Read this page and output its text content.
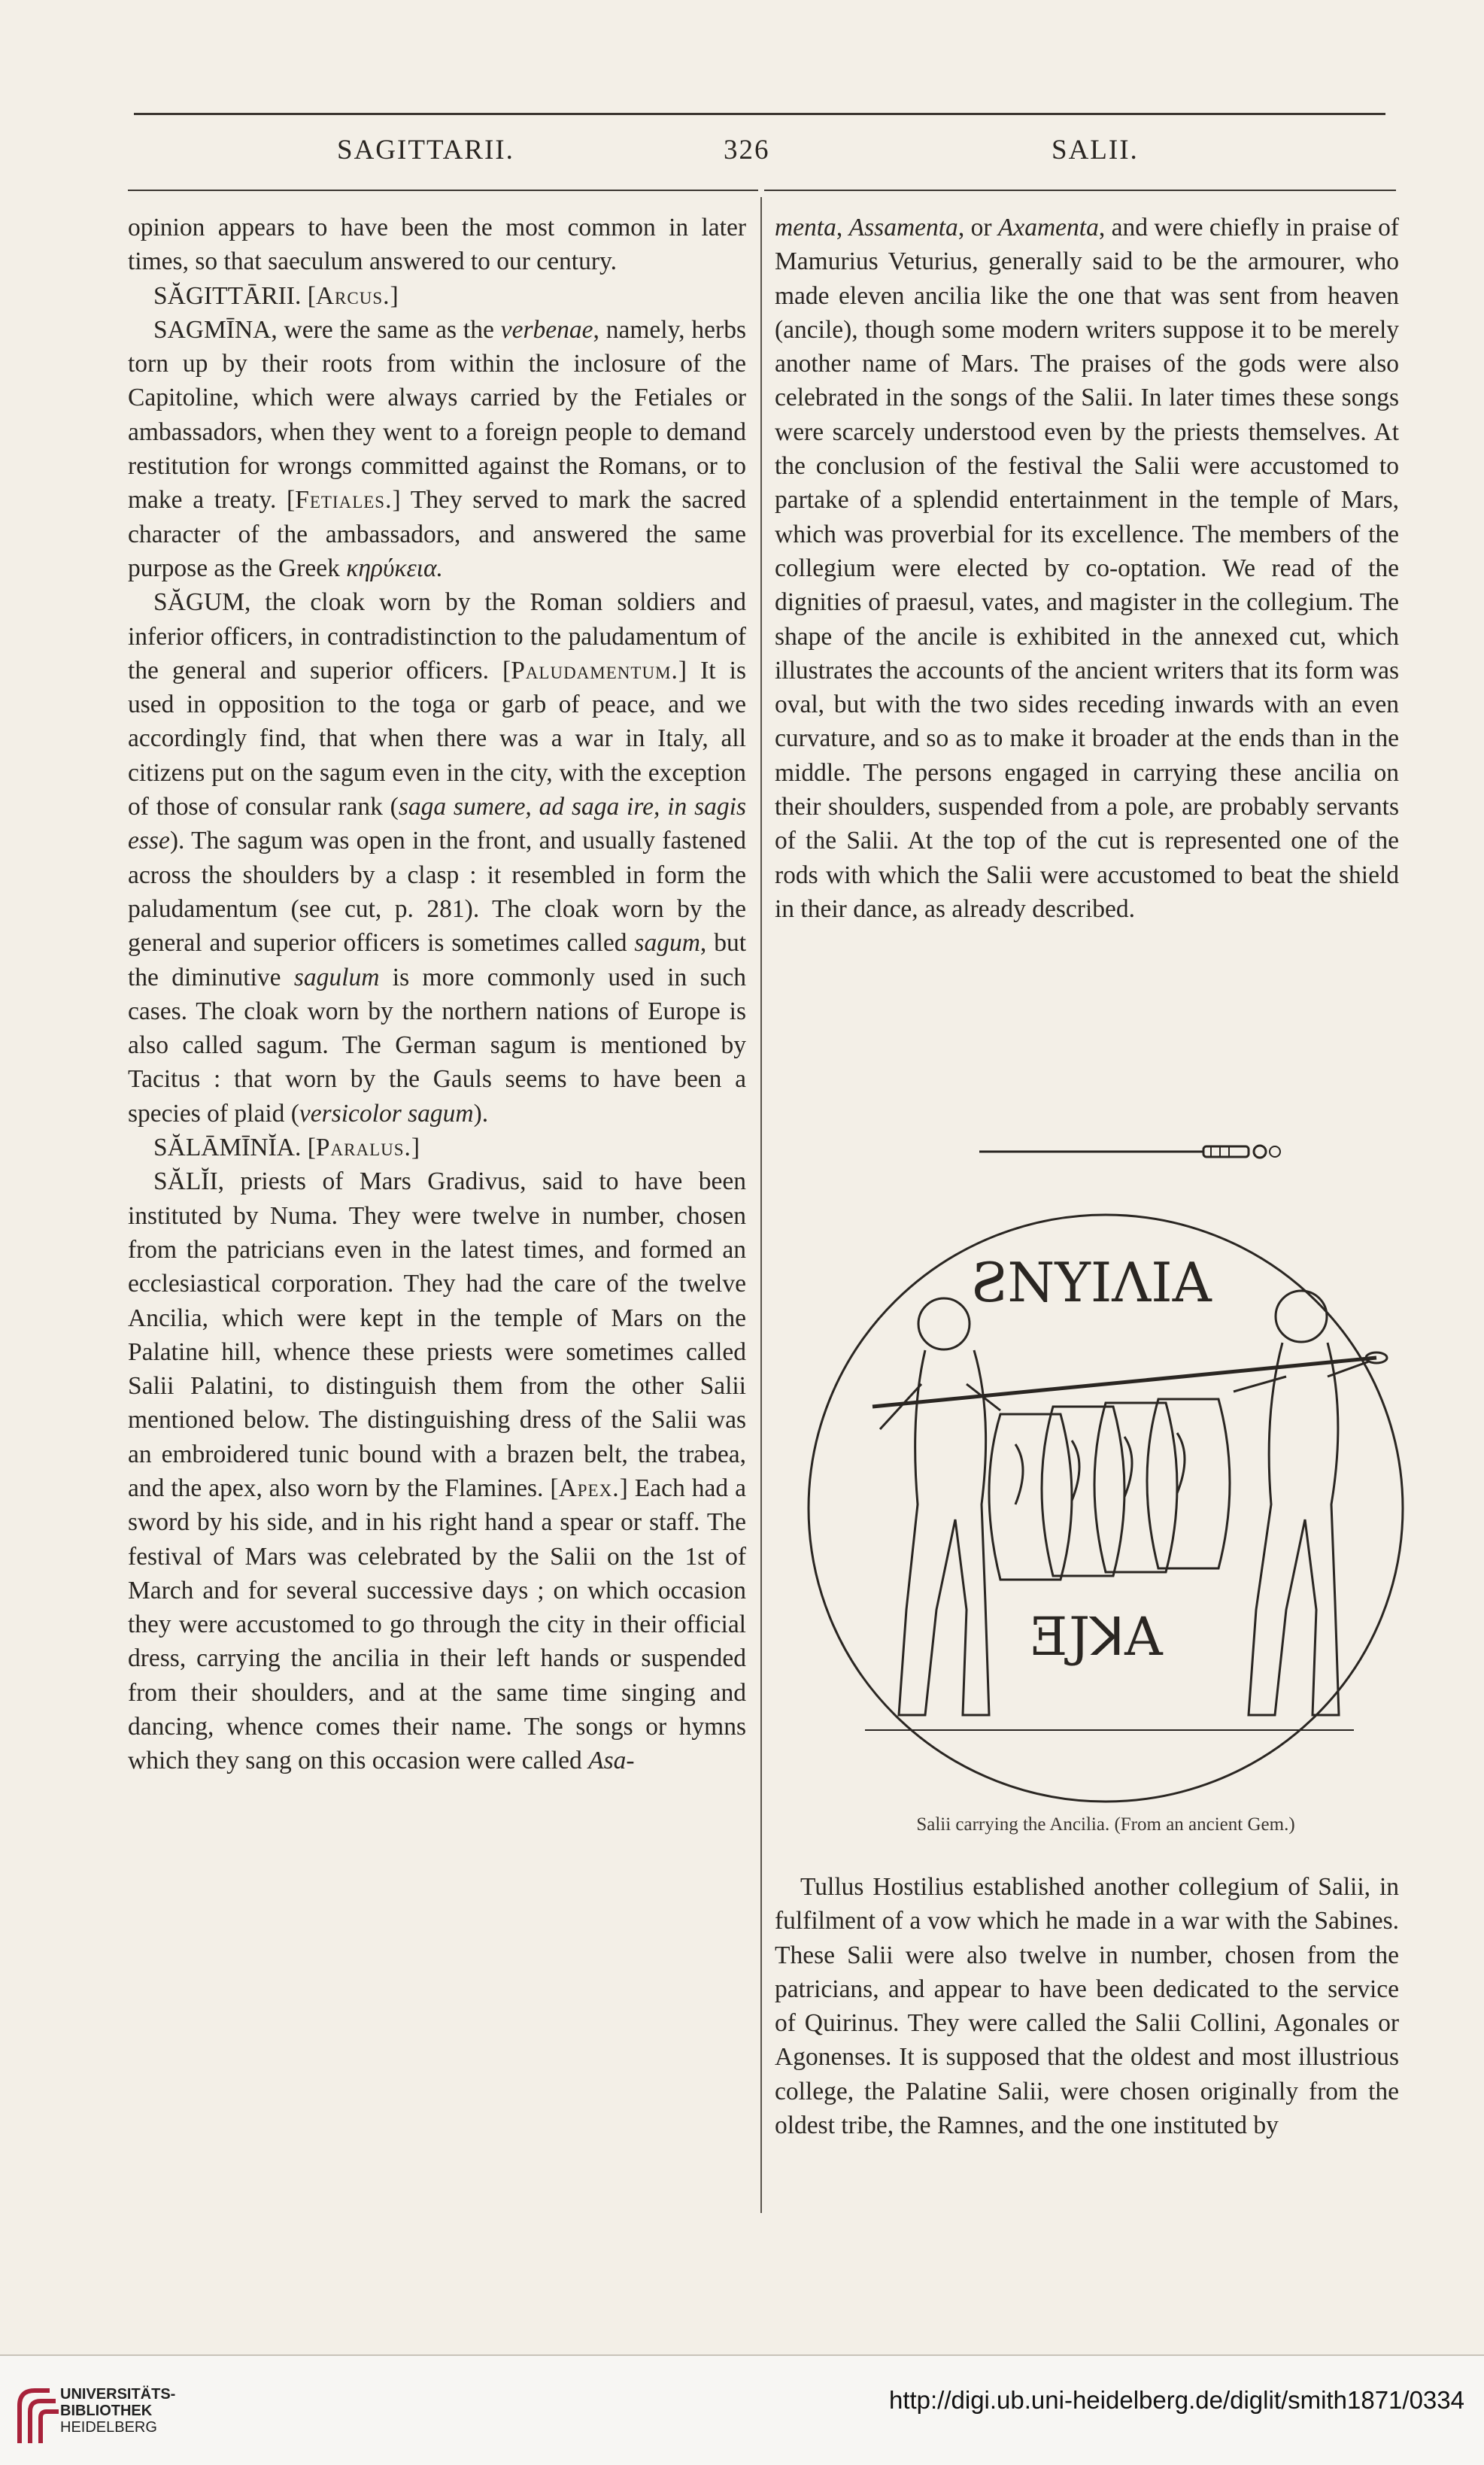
SAGITTARII.	326	SALII.

opinion appears to have been the most common in later times, so that saeculum answered to our century.

SĂGITTĀRII. [Arcus.]

SAGMĪNA, were the same as the verbenae, namely, herbs torn up by their roots from within the inclosure of the Capitoline, which were always carried by the Fetiales or ambassadors, when they went to a foreign people to demand restitution for wrongs committed against the Romans, or to make a treaty. [Fetiales.] They served to mark the sacred character of the ambassadors, and answered the same purpose as the Greek κηρύκεια.

SĂGUM, the cloak worn by the Roman soldiers and inferior officers, in contradistinction to the paludamentum of the general and superior officers. [Paludamentum.] It is used in opposition to the toga or garb of peace, and we accordingly find, that when there was a war in Italy, all citizens put on the sagum even in the city, with the exception of those of consular rank (saga sumere, ad saga ire, in sagis esse). The sagum was open in the front, and usually fastened across the shoulders by a clasp : it resembled in form the paludamentum (see cut, p. 281). The cloak worn by the general and superior officers is sometimes called sagum, but the diminutive sagulum is more commonly used in such cases. The cloak worn by the northern nations of Europe is also called sagum. The German sagum is mentioned by Tacitus : that worn by the Gauls seems to have been a species of plaid (versicolor sagum).

SĂLĀMĪNĬA. [Paralus.]

SĂLĬI, priests of Mars Gradivus, said to have been instituted by Numa. They were twelve in number, chosen from the patricians even in the latest times, and formed an ecclesiastical corporation. They had the care of the twelve Ancilia, which were kept in the temple of Mars on the Palatine hill, whence these priests were sometimes called Salii Palatini, to distinguish them from the other Salii mentioned below. The distinguishing dress of the Salii was an embroidered tunic bound with a brazen belt, the trabea, and the apex, also worn by the Flamines. [Apex.] Each had a sword by his side, and in his right hand a spear or staff. The festival of Mars was celebrated by the Salii on the 1st of March and for several successive days ; on which occasion they were accustomed to go through the city in their official dress, carrying the ancilia in their left hands or suspended from their shoulders, and at the same time singing and dancing, whence comes their name. The songs or hymns which they sang on this occasion were called Asa-

menta, Assamenta, or Axamenta, and were chiefly in praise of Mamurius Veturius, generally said to be the armourer, who made eleven ancilia like the one that was sent from heaven (ancile), though some modern writers suppose it to be merely another name of Mars. The praises of the gods were also celebrated in the songs of the Salii. In later times these songs were scarcely understood even by the priests themselves. At the conclusion of the festival the Salii were accustomed to partake of a splendid entertainment in the temple of Mars, which was proverbial for its excellence. The members of the collegium were elected by co-optation. We read of the dignities of praesul, vates, and magister in the collegium. The shape of the ancile is exhibited in the annexed cut, which illustrates the accounts of the ancient writers that its form was oval, but with the two sides receding inwards with an even curvature, and so as to make it broader at the ends than in the middle. The persons engaged in carrying these ancilia on their shoulders, suspended from a pole, are probably servants of the Salii. At the top of the cut is represented one of the rods with which the Salii were accustomed to beat the shield in their dance, as already described.

ƧNYΙΛΙΑ
ƎЈꓘΑ
Salii carrying the Ancilia. (From an ancient Gem.)

Tullus Hostilius established another collegium of Salii, in fulfilment of a vow which he made in a war with the Sabines. These Salii were also twelve in number, chosen from the patricians, and appear to have been dedicated to the service of Quirinus. They were called the Salii Collini, Agonales or Agonenses. It is supposed that the oldest and most illustrious college, the Palatine Salii, were chosen originally from the oldest tribe, the Ramnes, and the one instituted by

UNIVERSITÄTS-
BIBLIOTHEK
HEIDELBERG
http://digi.ub.uni-heidelberg.de/diglit/smith1871/0334
